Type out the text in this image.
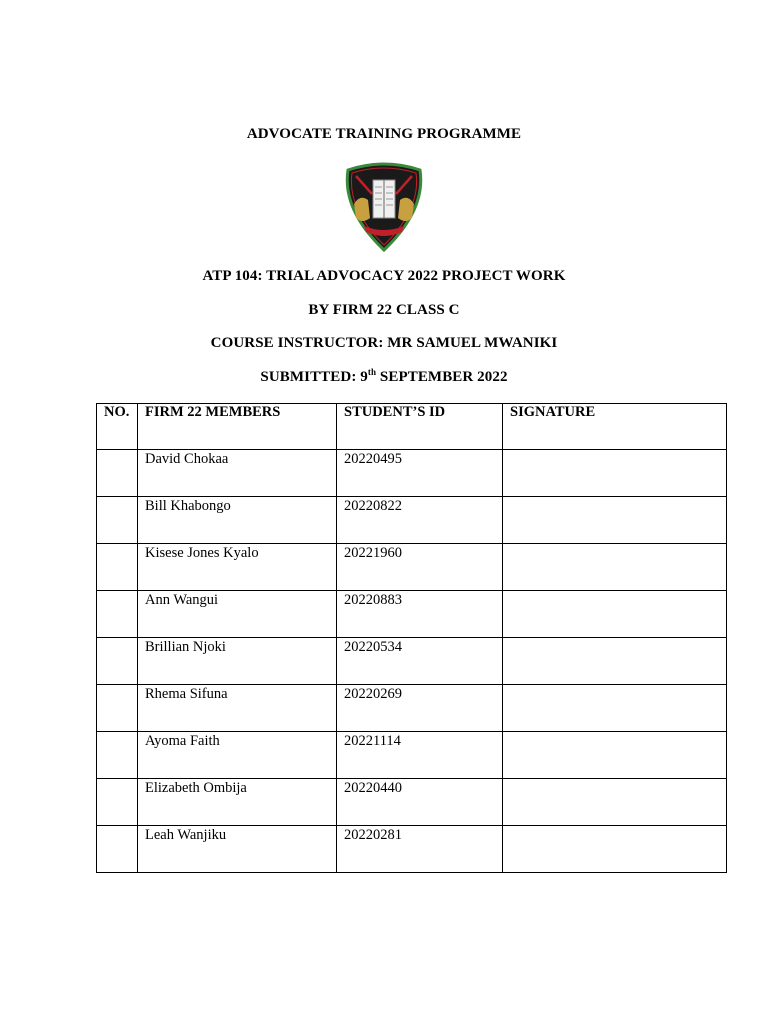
ADVOCATE TRAINING PROGRAMME
ATP 104: TRIAL ADVOCACY 2022 PROJECT WORK
BY FIRM 22 CLASS C
COURSE INSTRUCTOR: MR SAMUEL MWANIKI
SUBMITTED: 9th SEPTEMBER 2022
NO.	FIRM 22 MEMBERS	STUDENT’S ID	SIGNATURE
	David Chokaa	20220495	
	Bill Khabongo	20220822	
	Kisese Jones Kyalo	20221960	
	Ann Wangui	20220883	
	Brillian Njoki	20220534	
	Rhema Sifuna	20220269	
	Ayoma Faith	20221114	
	Elizabeth Ombija	20220440	
	Leah Wanjiku	20220281	
